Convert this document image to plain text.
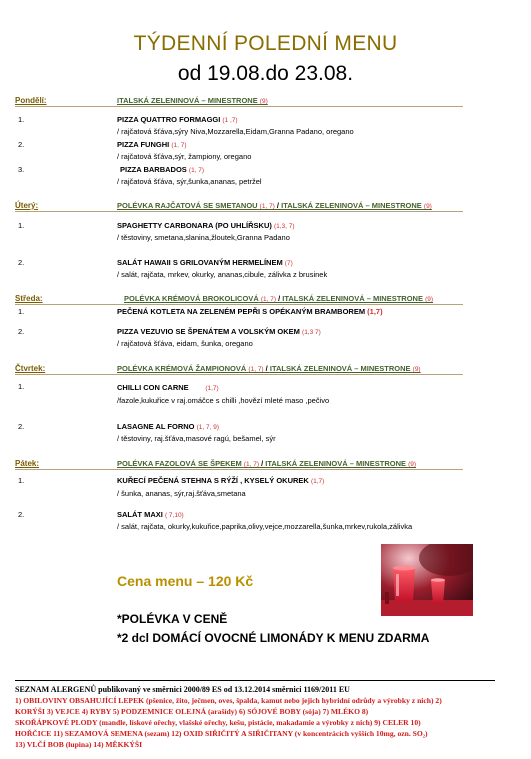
TÝDENNÍ POLEDNÍ MENU
od 19.08.do 23.08.
Pondělí:	ITALSKÁ ZELENINOVÁ – MINESTRONE (9)
1.	PIZZA QUATTRO FORMAGGI (1 ,7)
/ rajčatová šťáva,sýry Niva,Mozzarella,Eidam,Granna Padano, oregano
2.	PIZZA FUNGHI (1, 7)
/ rajčatová šťáva,sýr, žampiony, oregano
3.	PIZZA BARBADOS (1, 7)
/ rajčatová šťáva, sýr,šunka,ananas, petržel
Úterý:	POLÉVKA RAJČATOVÁ SE SMETANOU (1, 7) / ITALSKÁ ZELENINOVÁ – MINESTRONE (9)
1.	SPAGHETTY CARBONARA (PO UHLÍŘSKU) (1,3, 7)
/ těstoviny, smetana,slanina,žloutek,Granna Padano
2.	SALÁT HAWAII S GRILOVANÝM HERMELÍNEM (7)
/ salát, rajčata, mrkev, okurky, ananas,cibule, zálivka z brusinek
Středa:	POLÉVKA KRÉMOVÁ BROKOLICOVÁ (1, 7) / ITALSKÁ ZELENINOVÁ – MINESTRONE (9)
1.	PEČENÁ KOTLETA NA ZELENÉM PEPŘI S OPÉKANÝM BRAMBOREM (1,7)
2.	PIZZA VEZUVIO SE ŠPENÁTEM A VOLSKÝM OKEM (1,3 7)
/ rajčatová šťáva, eidam, šunka, oregano
Čtvrtek:	POLÉVKA KRÉMOVÁ ŽAMPIONOVÁ (1, 7) / ITALSKÁ ZELENINOVÁ – MINESTRONE (9)
1.	CHILLI CON CARNE	(1,7)
/fazole,kukuřice v raj.omáčce s chilli ,hovězí mleté maso ,pečivo
2.	LASAGNE AL FORNO (1, 7, 9)
/ těstoviny, raj.šťáva,masové ragú, bešamel, sýr
Pátek:	POLÉVKA FAZOLOVÁ SE ŠPEKEM (1, 7) / ITALSKÁ ZELENINOVÁ – MINESTRONE (9)
1.	KUŘECÍ PEČENÁ STEHNA S RÝŽÍ , KYSELÝ OKUREK (1,7)
/ šunka, ananas, sýr,raj.šťáva,smetana
2.	SALÁT MAXI ( 7,10)
/ salát, rajčata, okurky,kukuřice,paprika,olivy,vejce,mozzarella,šunka,mrkev,rukola,zálivka
Cena menu – 120 Kč
*POLÉVKA V CENĚ
*2 dcl DOMÁCÍ OVOCNÉ LIMONÁDY K MENU ZDARMA
SEZNAM ALERGENŮ publikovaný ve směrnici 2000/89 ES od 13.12.2014 směrnici 1169/2011 EU
1) OBILOVINY OBSAHUJÍCÍ LEPEK (pšenice, žito, ječmen, oves, špalda, kamut nebo jejich hybridní odrůdy a výrobky z nich) 2)
KORÝŠI 3) VEJCE 4) RYBY 5) PODZEMNICE OLEJNÁ (arašídy) 6) SÓJOVÉ BOBY (sója) 7) MLÉKO 8)
SKOŘÁPKOVÉ PLODY (mandle, lískové ořechy, vlašské ořechy, kešu, pistácie, makadamie a výrobky z nich) 9) CELER 10)
HOŘČICE 11) SEZAMOVÁ SEMENA (sezam) 12) OXID SIŘIČITÝ A SIŘIČITANY (v koncentrácích vyšších 10mg, ozn. SO₂)
13) VLČÍ BOB (lupina) 14) MĚKKÝŠI
